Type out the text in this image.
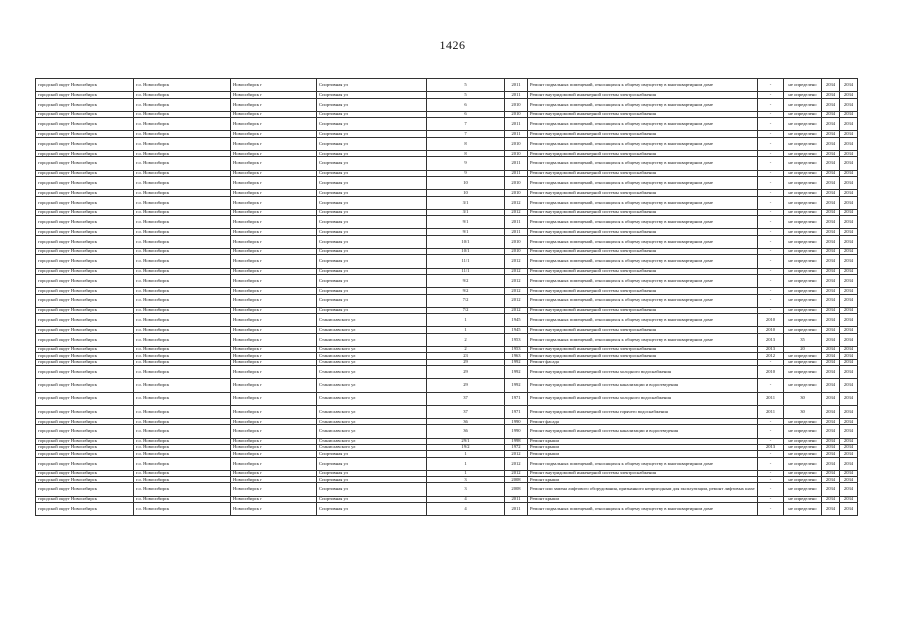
1426
городской округ Новосибирск	г.о. Новосибирск	Новосибирск г	Спортивная ул	5	2011	Ремонт подвальных помещений, относящихся к общему имуществу в многоквартирном доме	-	не определено	2034	2034
городской округ Новосибирск	г.о. Новосибирск	Новосибирск г	Спортивная ул	5	2011	Ремонт внутридомовой инженерной системы электроснабжения	-	не определено	2034	2034
городской округ Новосибирск	г.о. Новосибирск	Новосибирск г	Спортивная ул	6	2010	Ремонт подвальных помещений, относящихся к общему имуществу в многоквартирном доме	-	не определено	2034	2034
городской округ Новосибирск	г.о. Новосибирск	Новосибирск г	Спортивная ул	6	2010	Ремонт внутридомовой инженерной системы электроснабжения	-	не определено	2034	2034
городской округ Новосибирск	г.о. Новосибирск	Новосибирск г	Спортивная ул	7	2011	Ремонт подвальных помещений, относящихся к общему имуществу в многоквартирном доме	-	не определено	2034	2034
городской округ Новосибирск	г.о. Новосибирск	Новосибирск г	Спортивная ул	7	2011	Ремонт внутридомовой инженерной системы электроснабжения	-	не определено	2034	2034
городской округ Новосибирск	г.о. Новосибирск	Новосибирск г	Спортивная ул	8	2010	Ремонт подвальных помещений, относящихся к общему имуществу в многоквартирном доме	-	не определено	2034	2034
городской округ Новосибирск	г.о. Новосибирск	Новосибирск г	Спортивная ул	8	2010	Ремонт внутридомовой инженерной системы электроснабжения	-	не определено	2034	2034
городской округ Новосибирск	г.о. Новосибирск	Новосибирск г	Спортивная ул	9	2011	Ремонт подвальных помещений, относящихся к общему имуществу в многоквартирном доме	-	не определено	2034	2034
городской округ Новосибирск	г.о. Новосибирск	Новосибирск г	Спортивная ул	9	2011	Ремонт внутридомовой инженерной системы электроснабжения	-	не определено	2034	2034
городской округ Новосибирск	г.о. Новосибирск	Новосибирск г	Спортивная ул	10	2010	Ремонт подвальных помещений, относящихся к общему имуществу в многоквартирном доме	-	не определено	2034	2034
городской округ Новосибирск	г.о. Новосибирск	Новосибирск г	Спортивная ул	10	2010	Ремонт внутридомовой инженерной системы электроснабжения	-	не определено	2034	2034
городской округ Новосибирск	г.о. Новосибирск	Новосибирск г	Спортивная ул	3/1	2012	Ремонт подвальных помещений, относящихся к общему имуществу в многоквартирном доме	-	не определено	2034	2034
городской округ Новосибирск	г.о. Новосибирск	Новосибирск г	Спортивная ул	3/1	2012	Ремонт внутридомовой инженерной системы электроснабжения	-	не определено	2034	2034
городской округ Новосибирск	г.о. Новосибирск	Новосибирск г	Спортивная ул	9/1	2011	Ремонт подвальных помещений, относящихся к общему имуществу в многоквартирном доме	-	не определено	2034	2034
городской округ Новосибирск	г.о. Новосибирск	Новосибирск г	Спортивная ул	9/1	2011	Ремонт внутридомовой инженерной системы электроснабжения	-	не определено	2034	2034
городской округ Новосибирск	г.о. Новосибирск	Новосибирск г	Спортивная ул	10/1	2010	Ремонт подвальных помещений, относящихся к общему имуществу в многоквартирном доме	-	не определено	2034	2034
городской округ Новосибирск	г.о. Новосибирск	Новосибирск г	Спортивная ул	10/1	2010	Ремонт внутридомовой инженерной системы электроснабжения	-	не определено	2034	2034
городской округ Новосибирск	г.о. Новосибирск	Новосибирск г	Спортивная ул	11/1	2012	Ремонт подвальных помещений, относящихся к общему имуществу в многоквартирном доме	-	не определено	2034	2034
городской округ Новосибирск	г.о. Новосибирск	Новосибирск г	Спортивная ул	11/1	2012	Ремонт внутридомовой инженерной системы электроснабжения	-	не определено	2034	2034
городской округ Новосибирск	г.о. Новосибирск	Новосибирск г	Спортивная ул	9/2	2012	Ремонт подвальных помещений, относящихся к общему имуществу в многоквартирном доме	-	не определено	2034	2034
городской округ Новосибирск	г.о. Новосибирск	Новосибирск г	Спортивная ул	9/2	2012	Ремонт внутридомовой инженерной системы электроснабжения	-	не определено	2034	2034
городской округ Новосибирск	г.о. Новосибирск	Новосибирск г	Спортивная ул	7/2	2012	Ремонт подвальных помещений, относящихся к общему имуществу в многоквартирном доме	-	не определено	2034	2034
городской округ Новосибирск	г.о. Новосибирск	Новосибирск г	Спортивная ул	7/2	2012	Ремонт внутридомовой инженерной системы электроснабжения	-	не определено	2034	2034
городской округ Новосибирск	г.о. Новосибирск	Новосибирск г	Станиславского ул	1	1945	Ремонт подвальных помещений, относящихся к общему имуществу в многоквартирном доме	2010	не определено	2034	2034
городской округ Новосибирск	г.о. Новосибирск	Новосибирск г	Станиславского ул	1	1945	Ремонт внутридомовой инженерной системы электроснабжения	2010	не определено	2034	2034
городской округ Новосибирск	г.о. Новосибирск	Новосибирск г	Станиславского ул	2	1953	Ремонт подвальных помещений, относящихся к общему имуществу в многоквартирном доме	2013	35	2034	2034
городской округ Новосибирск	г.о. Новосибирск	Новосибирск г	Станиславского ул	2	1953	Ремонт внутридомовой инженерной системы электроснабжения	2013	20	2034	2034
городской округ Новосибирск	г.о. Новосибирск	Новосибирск г	Станиславского ул	23	1963	Ремонт внутридомовой инженерной системы электроснабжения	2012	не определено	2034	2034
городской округ Новосибирск	г.о. Новосибирск	Новосибирск г	Станиславского ул	29	1992	Ремонт фасада	-	не определено	2034	2034
городской округ Новосибирск	г.о. Новосибирск	Новосибирск г	Станиславского ул	29	1992	Ремонт внутридомовой инженерной системы холодного водоснабжения	2010	не определено	2034	2034
городской округ Новосибирск	г.о. Новосибирск	Новосибирск г	Станиславского ул	29	1992	Ремонт внутридомовой инженерной системы канализации и водоотведения	-	не определено	2034	2034
городской округ Новосибирск	г.о. Новосибирск	Новосибирск г	Станиславского ул	37	1971	Ремонт внутридомовой инженерной системы холодного водоснабжения	2011	30	2034	2034
городской округ Новосибирск	г.о. Новосибирск	Новосибирск г	Станиславского ул	37	1971	Ремонт внутридомовой инженерной системы горячего водоснабжения	2011	30	2034	2034
городской округ Новосибирск	г.о. Новосибирск	Новосибирск г	Станиславского ул	36	1990	Ремонт фасада	-	не определено	2034	2034
городской округ Новосибирск	г.о. Новосибирск	Новосибирск г	Станиславского ул	36	1990	Ремонт внутридомовой инженерной системы канализации и водоотведения	-	не определено	2034	2034
городской округ Новосибирск	г.о. Новосибирск	Новосибирск г	Станиславского ул	29/1	1998	Ремонт крыши	-	не определено	2034	2034
городской округ Новосибирск	г.о. Новосибирск	Новосибирск г	Станиславского ул	19/2	1972	Ремонт крыши	2013	не определено	2034	2034
городской округ Новосибирск	г.о. Новосибирск	Новосибирск г	Спортивная ул	1	2012	Ремонт крыши	-	не определено	2034	2034
городской округ Новосибирск	г.о. Новосибирск	Новосибирск г	Спортивная ул	1	2012	Ремонт подвальных помещений, относящихся к общему имуществу в многоквартирном доме	-	не определено	2034	2034
городской округ Новосибирск	г.о. Новосибирск	Новосибирск г	Спортивная ул	1	2012	Ремонт внутридомовой инженерной системы электроснабжения	-	не определено	2034	2034
городской округ Новосибирск	г.о. Новосибирск	Новосибирск г	Спортивная ул	3	2008	Ремонт крыши	-	не определено	2034	2034
городской округ Новосибирск	г.о. Новосибирск	Новосибирск г	Спортивная ул	3	2008	Ремонт или замена лифтового оборудования, признанного непригодным для эксплуатации, ремонт лифтовых шахт	-	не определено	2034	2034
городской округ Новосибирск	г.о. Новосибирск	Новосибирск г	Спортивная ул	4	2011	Ремонт крыши	-	не определено	2034	2034
городской округ Новосибирск	г.о. Новосибирск	Новосибирск г	Спортивная ул	4	2011	Ремонт подвальных помещений, относящихся к общему имуществу в многоквартирном доме	-	не определено	2034	2034
